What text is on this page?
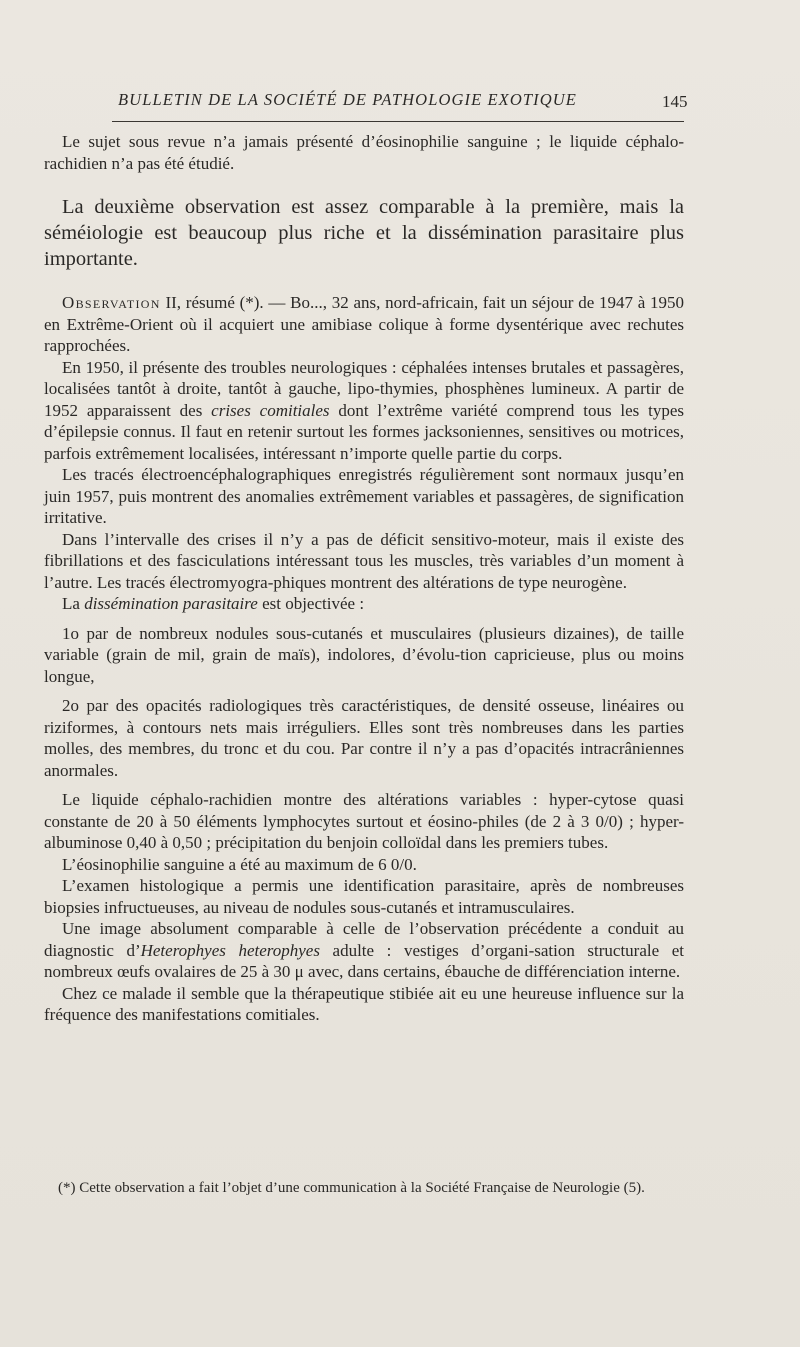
BULLETIN DE LA SOCIÉTÉ DE PATHOLOGIE EXOTIQUE	145

Le sujet sous revue n’a jamais présenté d’éosinophilie sanguine ; le liquide céphalo-rachidien n’a pas été étudié.

La deuxième observation est assez comparable à la première, mais la séméiologie est beaucoup plus riche et la dissémination parasitaire plus importante.

Observation II, résumé (*). — Bo..., 32 ans, nord-africain, fait un séjour de 1947 à 1950 en Extrême-Orient où il acquiert une amibiase colique à forme dysentérique avec rechutes rapprochées.

En 1950, il présente des troubles neurologiques : céphalées intenses brutales et passagères, localisées tantôt à droite, tantôt à gauche, lipo-thymies, phosphènes lumineux. A partir de 1952 apparaissent des crises comitiales dont l’extrême variété comprend tous les types d’épilepsie connus. Il faut en retenir surtout les formes jacksoniennes, sensitives ou motrices, parfois extrêmement localisées, intéressant n’importe quelle partie du corps.

Les tracés électroencéphalographiques enregistrés régulièrement sont normaux jusqu’en juin 1957, puis montrent des anomalies extrêmement variables et passagères, de signification irritative.

Dans l’intervalle des crises il n’y a pas de déficit sensitivo-moteur, mais il existe des fibrillations et des fasciculations intéressant tous les muscles, très variables d’un moment à l’autre. Les tracés électromyogra-phiques montrent des altérations de type neurogène.

La dissémination parasitaire est objectivée :

1o par de nombreux nodules sous-cutanés et musculaires (plusieurs dizaines), de taille variable (grain de mil, grain de maïs), indolores, d’évolu-tion capricieuse, plus ou moins longue,

2o par des opacités radiologiques très caractéristiques, de densité osseuse, linéaires ou riziformes, à contours nets mais irréguliers. Elles sont très nombreuses dans les parties molles, des membres, du tronc et du cou. Par contre il n’y a pas d’opacités intracrâniennes anormales.

Le liquide céphalo-rachidien montre des altérations variables : hyper-cytose quasi constante de 20 à 50 éléments lymphocytes surtout et éosino-philes (de 2 à 3 0/0) ; hyper-albuminose 0,40 à 0,50 ; précipitation du benjoin colloïdal dans les premiers tubes.

L’éosinophilie sanguine a été au maximum de 6 0/0.

L’examen histologique a permis une identification parasitaire, après de nombreuses biopsies infructueuses, au niveau de nodules sous-cutanés et intramusculaires.

Une image absolument comparable à celle de l’observation précédente a conduit au diagnostic d’Heterophyes heterophyes adulte : vestiges d’organi-sation structurale et nombreux œufs ovalaires de 25 à 30 μ avec, dans certains, ébauche de différenciation interne.

Chez ce malade il semble que la thérapeutique stibiée ait eu une heureuse influence sur la fréquence des manifestations comitiales.

(*) Cette observation a fait l’objet d’une communication à la Société Française de Neurologie (5).
